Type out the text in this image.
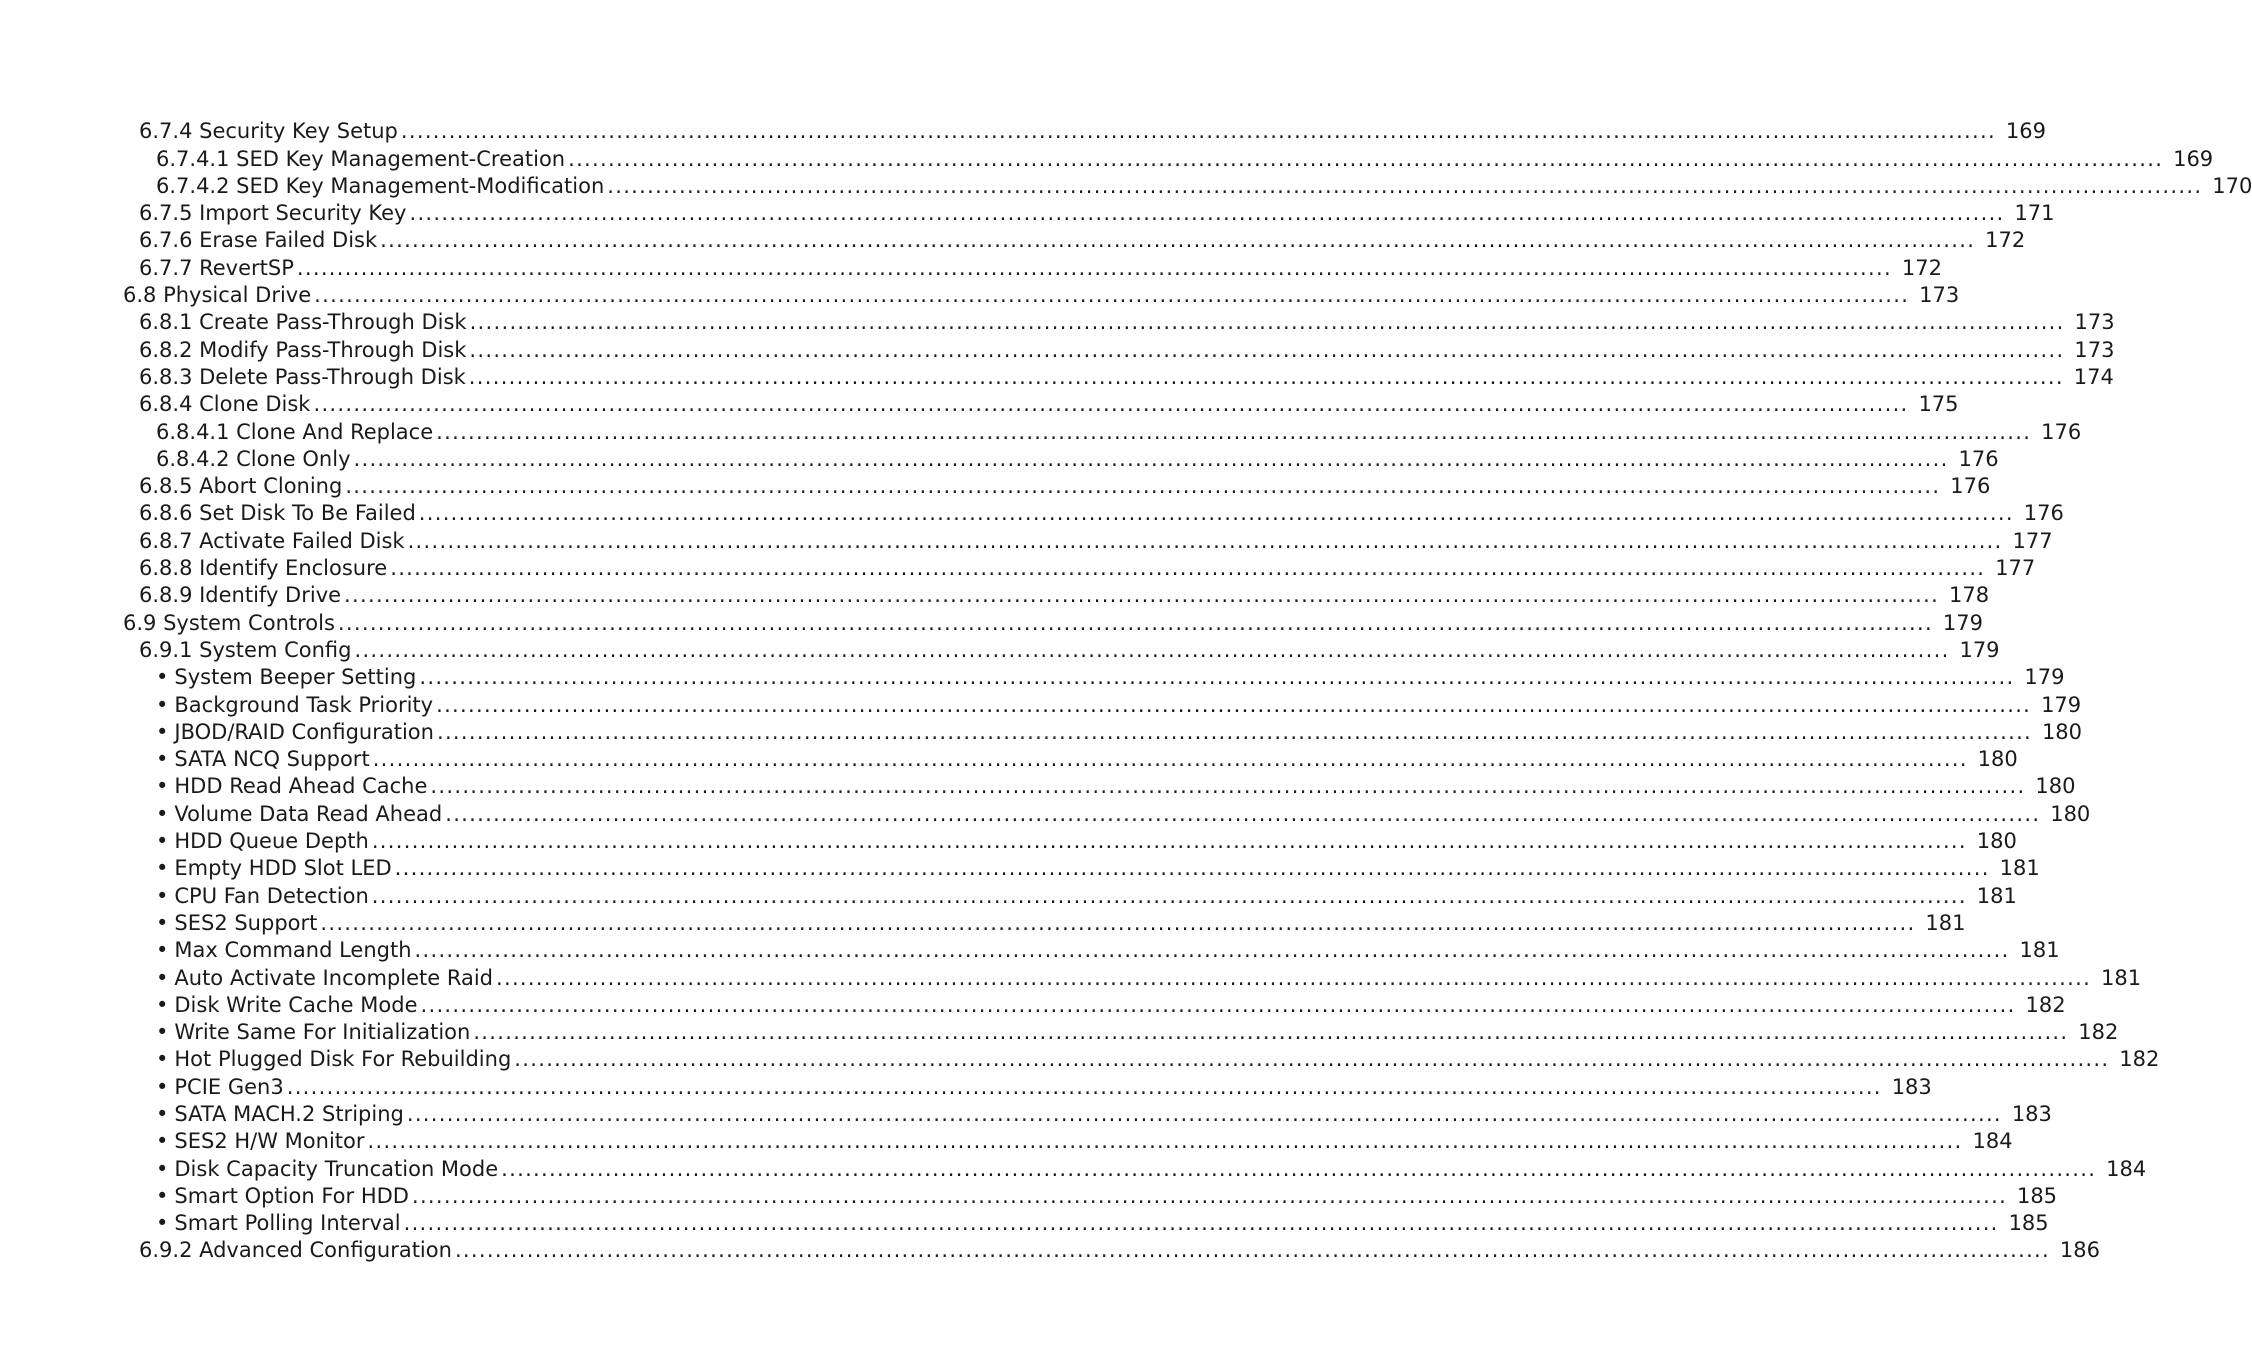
6.7.4 Security Key Setup ........................................................................................................................................................................................................ 169
6.7.4.1 SED Key Management-Creation ........................................................................................................................................................................................................ 169
6.7.4.2 SED Key Management-Modification ........................................................................................................................................................................................................ 170
6.7.5 Import Security Key ........................................................................................................................................................................................................ 171
6.7.6 Erase Failed Disk ........................................................................................................................................................................................................ 172
6.7.7 RevertSP ........................................................................................................................................................................................................ 172
6.8 Physical Drive ........................................................................................................................................................................................................ 173
6.8.1 Create Pass-Through Disk ........................................................................................................................................................................................................ 173
6.8.2 Modify Pass-Through Disk ........................................................................................................................................................................................................ 173
6.8.3 Delete Pass-Through Disk ........................................................................................................................................................................................................ 174
6.8.4 Clone Disk ........................................................................................................................................................................................................ 175
6.8.4.1 Clone And Replace ........................................................................................................................................................................................................ 176
6.8.4.2 Clone Only ........................................................................................................................................................................................................ 176
6.8.5 Abort Cloning ........................................................................................................................................................................................................ 176
6.8.6 Set Disk To Be Failed ........................................................................................................................................................................................................ 176
6.8.7 Activate Failed Disk ........................................................................................................................................................................................................ 177
6.8.8 Identify Enclosure ........................................................................................................................................................................................................ 177
6.8.9 Identify Drive ........................................................................................................................................................................................................ 178
6.9 System Controls ........................................................................................................................................................................................................ 179
6.9.1 System Config ........................................................................................................................................................................................................ 179
• System Beeper Setting ........................................................................................................................................................................................................ 179
• Background Task Priority ........................................................................................................................................................................................................ 179
• JBOD/RAID Configuration ........................................................................................................................................................................................................ 180
• SATA NCQ Support ........................................................................................................................................................................................................ 180
• HDD Read Ahead Cache ........................................................................................................................................................................................................ 180
• Volume Data Read Ahead ........................................................................................................................................................................................................ 180
• HDD Queue Depth ........................................................................................................................................................................................................ 180
• Empty HDD Slot LED ........................................................................................................................................................................................................ 181
• CPU Fan Detection ........................................................................................................................................................................................................ 181
• SES2 Support ........................................................................................................................................................................................................ 181
• Max Command Length ........................................................................................................................................................................................................ 181
• Auto Activate Incomplete Raid ........................................................................................................................................................................................................ 181
• Disk Write Cache Mode ........................................................................................................................................................................................................ 182
• Write Same For Initialization ........................................................................................................................................................................................................ 182
• Hot Plugged Disk For Rebuilding ........................................................................................................................................................................................................ 182
• PCIE Gen3 ........................................................................................................................................................................................................ 183
• SATA MACH.2 Striping ........................................................................................................................................................................................................ 183
• SES2 H/W Monitor ........................................................................................................................................................................................................ 184
• Disk Capacity Truncation Mode ........................................................................................................................................................................................................ 184
• Smart Option For HDD ........................................................................................................................................................................................................ 185
• Smart Polling Interval ........................................................................................................................................................................................................ 185
6.9.2 Advanced Configuration ........................................................................................................................................................................................................ 186
